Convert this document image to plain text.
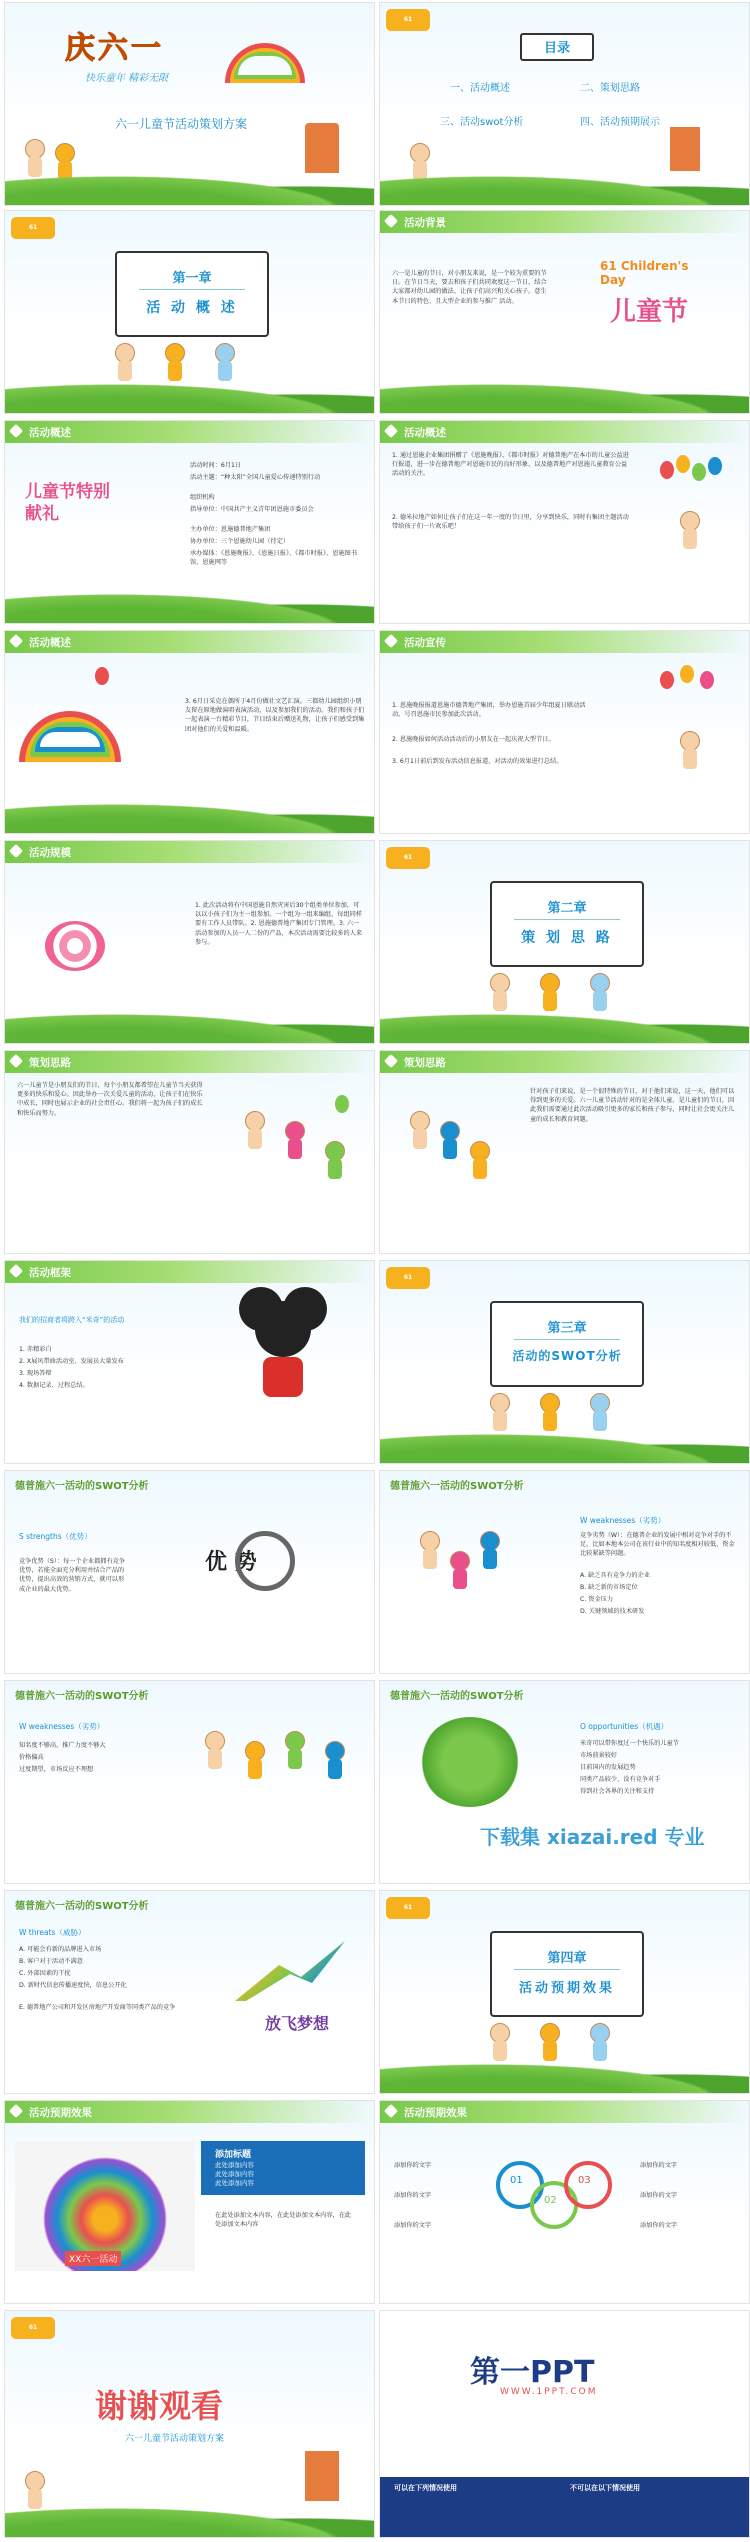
庆六一
快乐童年 精彩无限
六一儿童节活动策划方案
61
目录
一、活动概述	二、策划思路
三、活动swot分析	四、活动预期展示
61
第一章
活 动 概 述
活动背景
六一是儿童的节日，对小朋友来说，是一个较为重要的节日。在节日当天，要去和孩子们共同欢度这一节日，结合大家都对幼儿园的做法、让孩子们高兴和关心孩子。意生本节日的特色、且大型企业的参与推广 活动。
61 Children's Day
儿童节
活动概述
儿童节特别献礼
活动时间：6月1日
活动主题：“种太阳”全国儿童爱心传递特别行动
组织机构
指导单位：中国共产主义青年团恩施市委员会
主办单位：恩施德普地产集团
协办单位：三个恩施幼儿园（待定）
承办媒体：《恩施晚报》、《恩施日报》、《都市时报》、恩施图书馆、恩施网等
活动概述
1. 通过恩施企业集团捐赠了《恩施晚报》、《都市时报》对德普地产在本市的儿童公益进行报道，进一步在德普地产对恩施市民的良好形象，以及德普地产对恩施儿童教育公益活动的关注。
2. 德米拉地产如何让孩子们在这一年一度的节日里，分享到快乐，同时有集团主题活动带给孩子们一片欢乐吧！
活动概述
3. 6月日采克在偶所于4月份做社文艺汇演。三都幼儿园组织小朋友留在原地做演唱表演活动，以及参加我们的活动。我们和孩子们一起表演一台精彩节目，节目结束后赠送礼物，让孩子们感受到集团对他们的关爱和温暖。
活动宣传
1. 恩施晚报报道恩施市德普地产集团，举办恩施首届少年组夏日联动活动，号召恩施市民参加此次活动。
2. 恩施晚报如何活动活动后的小朋友在一起庆祝大型节日。
3. 6月1日前后到发布活动信息报道，对活动的效果进行总结。
活动规模
1. 此次活动将有中国恩施自然灾害后30个组类单位参加，可以以小孩子们为主一组参加。一个组为一组来编组，每组同样要有工作人员带队。2. 恩施德普地产集团专门管理。3. 六一活动参加的人员一人二份的产品，本次活动需要比较多的人来参与。
61
第二章
策 划 思 路
策划思路
六一儿童节是小朋友们的节日，每个小朋友都希望在儿童节当天获得更多的快乐和爱心。因此举办一次关爱儿童的活动，让孩子们在快乐中成长，同时也展示企业的社会责任心。我们将一起为孩子们的成长和快乐而努力。
策划思路
针对孩子们来说，是一个很特殊的节日，对于他们来说，这一天，他们可以得到更多的关爱。六一儿童节活动针对的是全体儿童，是儿童们的节日，因此我们需要通过此次活动吸引更多的家长和孩子参与，同时让社会更关注儿童的成长和教育问题。
活动框架
我们的招商者将跨入“米奇”的活动
1. 赤精彩白
2. X展风带曲活动室、发展员大量发布
3. 现场答辩
4. 数据记录、过程总结。
61
第三章
活动的SWOT分析
德普施六一活动的SWOT分析
S strengths（优势）
竞争优势（S）：每一个企业都拥有竞争优势，若能全面充分利用并结合产品的优势，提出高效的营销方式，就可以形成企业的最大优势。
优 势
德普施六一活动的SWOT分析
W weaknesses（劣势）
竞争劣势（W）：在德普企业的发展中相对竞争对手的不足，比如本地本公司在该行业中的知名度相对较低，资金比较紧缺等问题。
A. 缺乏具有竞争力的企业
B. 缺乏新的市场定位
C. 资金压力
D. 关键领域的技术研发
德普施六一活动的SWOT分析
W weaknesses（劣势）
知名度不够高，推广力度不够大
价格偏高
过度期望，市场反应不理想
德普施六一活动的SWOT分析
O opportunities（机遇）
米奇可以带你度过一个快乐的儿童节
市场前景较好
目前国内的发展趋势
同类产品较少，没有竞争对手
得到社会各界的关注和支持
下载集 xiazai.red 专业
德普施六一活动的SWOT分析
W threats（威胁）
A. 可能会有新的品牌进入市场
B. 客户对于活动不满意
C. 外部因素的干扰
D. 新时代信息传播速度快，信息公开化
E. 德普地产公司和开发区房地产开发商等同类产品的竞争
放飞梦想
61
第四章
活动预期效果
活动预期效果
XX六一活动
添加标题
此处添加内容
此处添加内容
此处添加内容
在此处添加文本内容，在此处添加文本内容，在此处添加文本内容
活动预期效果
01
02
03
添加你的文字
添加你的文字
添加你的文字
添加你的文字
添加你的文字
添加你的文字
61
谢谢观看
六一儿童节活动策划方案
第一PPT
WWW.1PPT.COM
可以在下列情况使用	不可以在以下情况使用
